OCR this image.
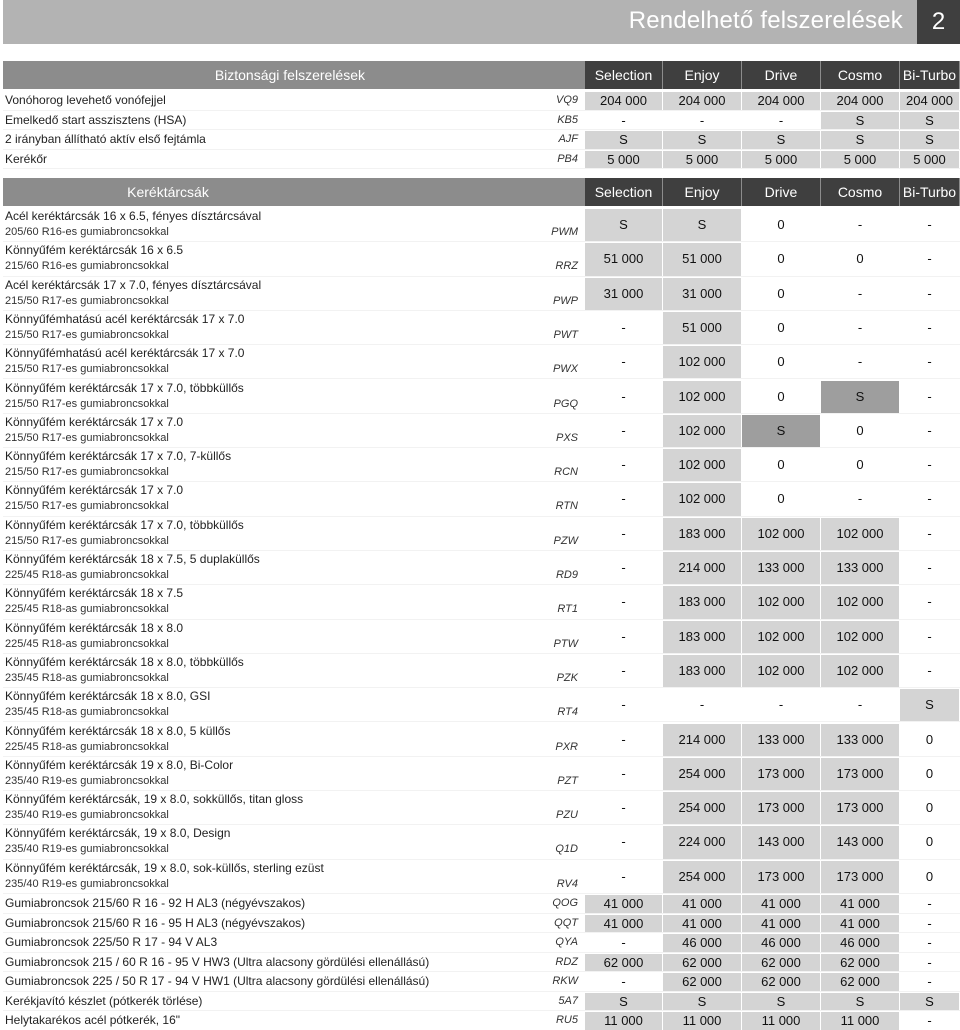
Rendelhető felszerelések	2
Biztonsági felszerelések	Selection	Enjoy	Drive	Cosmo	Bi-Turbo
Vonóhorog levehető vonófejjel	VQ9	204 000	204 000	204 000	204 000	204 000
Emelkedő start asszisztens (HSA)	KB5	-	-	-	S	S
2 irányban állítható aktív első fejtámla	AJF	S	S	S	S	S
Kerékőr	PB4	5 000	5 000	5 000	5 000	5 000
Keréktárcsák	Selection	Enjoy	Drive	Cosmo	Bi-Turbo
Acél keréktárcsák 16 x 6.5, fényes dísztárcsával
205/60 R16-es gumiabroncsokkal	PWM	S	S	0	-	-
Könnyűfém keréktárcsák 16 x 6.5
215/60 R16-es gumiabroncsokkal	RRZ	51 000	51 000	0	0	-
Acél keréktárcsák 17 x 7.0, fényes dísztárcsával
215/50 R17-es gumiabroncsokkal	PWP	31 000	31 000	0	-	-
Könnyűfémhatású acél keréktárcsák 17 x 7.0
215/50 R17-es gumiabroncsokkal	PWT	-	51 000	0	-	-
Könnyűfémhatású acél keréktárcsák 17 x 7.0
215/50 R17-es gumiabroncsokkal	PWX	-	102 000	0	-	-
Könnyűfém keréktárcsák 17 x 7.0, többküllős
215/50 R17-es gumiabroncsokkal	PGQ	-	102 000	0	S	-
Könnyűfém keréktárcsák 17 x 7.0
215/50 R17-es gumiabroncsokkal	PXS	-	102 000	S	0	-
Könnyűfém keréktárcsák 17 x 7.0, 7-küllős
215/50 R17-es gumiabroncsokkal	RCN	-	102 000	0	0	-
Könnyűfém keréktárcsák 17 x 7.0
215/50 R17-es gumiabroncsokkal	RTN	-	102 000	0	-	-
Könnyűfém keréktárcsák 17 x 7.0, többküllős
215/50 R17-es gumiabroncsokkal	PZW	-	183 000	102 000	102 000	-
Könnyűfém keréktárcsák 18 x 7.5, 5 duplaküllős
225/45 R18-as gumiabroncsokkal	RD9	-	214 000	133 000	133 000	-
Könnyűfém keréktárcsák 18 x 7.5
225/45 R18-as gumiabroncsokkal	RT1	-	183 000	102 000	102 000	-
Könnyűfém keréktárcsák 18 x 8.0
225/45 R18-as gumiabroncsokkal	PTW	-	183 000	102 000	102 000	-
Könnyűfém keréktárcsák 18 x 8.0, többküllős
235/45 R18-as gumiabroncsokkal	PZK	-	183 000	102 000	102 000	-
Könnyűfém keréktárcsák 18 x 8.0, GSI
235/45 R18-as gumiabroncsokkal	RT4	-	-	-	-	S
Könnyűfém keréktárcsák 18 x 8.0, 5 küllős
225/45 R18-as gumiabroncsokkal	PXR	-	214 000	133 000	133 000	0
Könnyűfém keréktárcsák 19 x 8.0, Bi-Color
235/40 R19-es gumiabroncsokkal	PZT	-	254 000	173 000	173 000	0
Könnyűfém keréktárcsák, 19 x 8.0, sokküllős, titan gloss
235/40 R19-es gumiabroncsokkal	PZU	-	254 000	173 000	173 000	0
Könnyűfém keréktárcsák, 19 x 8.0, Design
235/40 R19-es gumiabroncsokkal	Q1D	-	224 000	143 000	143 000	0
Könnyűfém keréktárcsák, 19 x 8.0, sok-küllős, sterling ezüst
235/40 R19-es gumiabroncsokkal	RV4	-	254 000	173 000	173 000	0
Gumiabroncsok 215/60 R 16 - 92 H AL3 (négyévszakos)	QOG	41 000	41 000	41 000	41 000	-
Gumiabroncsok 215/60 R 16 - 95 H AL3 (négyévszakos)	QQT	41 000	41 000	41 000	41 000	-
Gumiabroncsok 225/50 R 17 - 94 V AL3	QYA	-	46 000	46 000	46 000	-
Gumiabroncsok 215 / 60 R 16 - 95 V HW3 (Ultra alacsony gördülési ellenállású)	RDZ	62 000	62 000	62 000	62 000	-
Gumiabroncsok 225 / 50 R 17 - 94 V HW1 (Ultra alacsony gördülési ellenállású)	RKW	-	62 000	62 000	62 000	-
Kerékjavító készlet (pótkerék törlése)	5A7	S	S	S	S	S
Helytakarékos acél pótkerék, 16"	RU5	11 000	11 000	11 000	11 000	-
